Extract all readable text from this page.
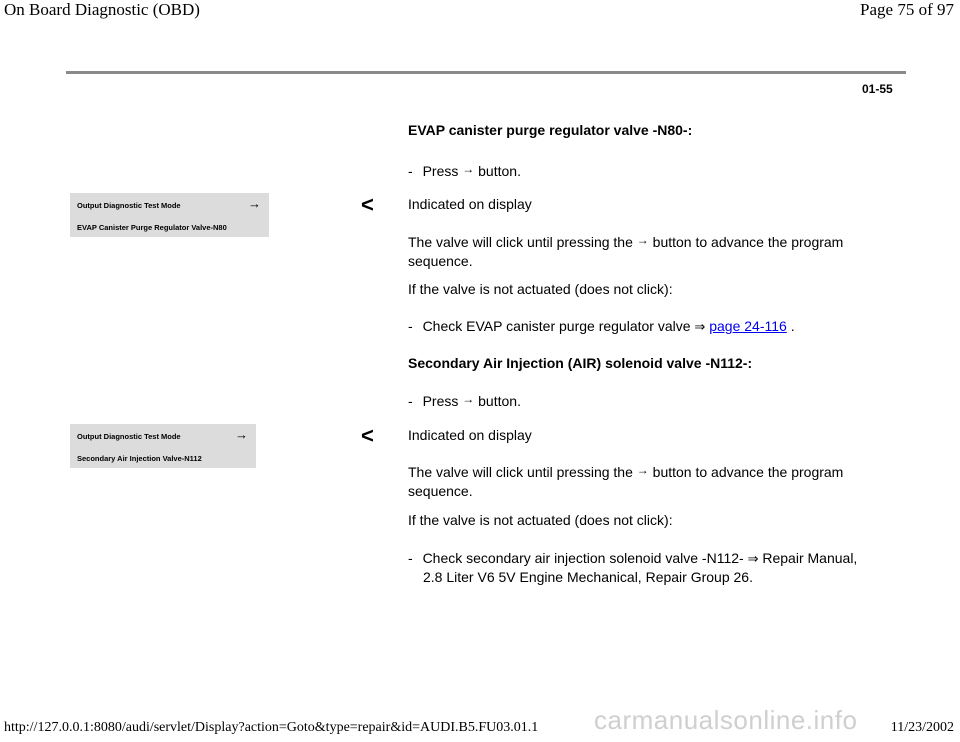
On Board Diagnostic (OBD)	Page 75 of 97
01-55
EVAP canister purge regulator valve -N80-:
- Press → button.
Output Diagnostic Test Mode	→
EVAP Canister Purge Regulator Valve-N80
< Indicated on display
The valve will click until pressing the → button to advance the program
sequence.
If the valve is not actuated (does not click):
- Check EVAP canister purge regulator valve ⇒ page 24-116 .
Secondary Air Injection (AIR) solenoid valve -N112-:
- Press → button.
Output Diagnostic Test Mode	→
Secondary Air Injection Valve-N112
< Indicated on display
The valve will click until pressing the → button to advance the program
sequence.
If the valve is not actuated (does not click):
- Check secondary air injection solenoid valve -N112- ⇒ Repair Manual,
2.8 Liter V6 5V Engine Mechanical, Repair Group 26.
carmanualsonline.info
http://127.0.0.1:8080/audi/servlet/Display?action=Goto&type=repair&id=AUDI.B5.FU03.01.1	11/23/2002
